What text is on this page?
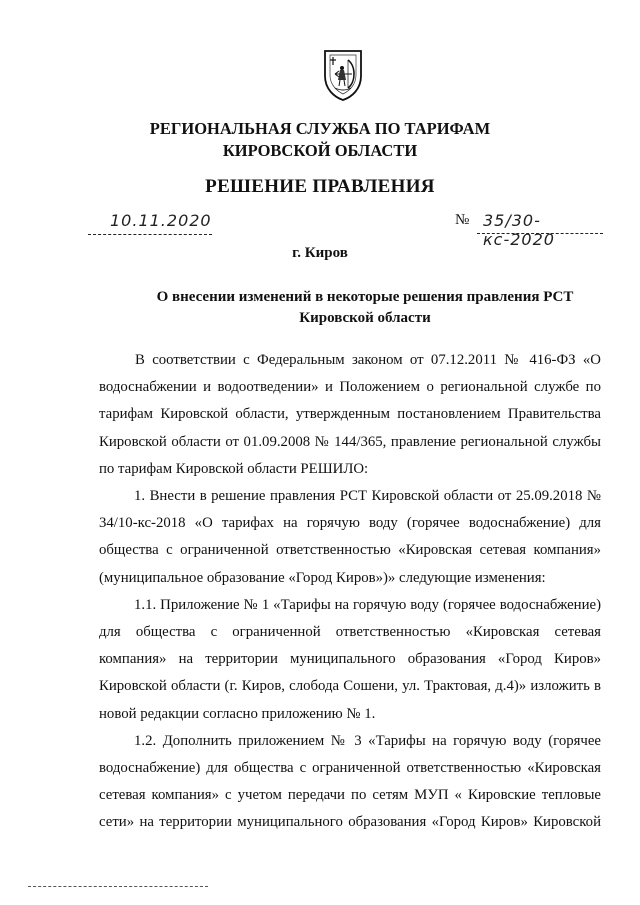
РЕГИОНАЛЬНАЯ СЛУЖБА ПО ТАРИФАМ
КИРОВСКОЙ ОБЛАСТИ
РЕШЕНИЕ ПРАВЛЕНИЯ
10.11.2020	№ 35/30-кс-2020
г. Киров
О внесении изменений в некоторые решения правления РСТ
Кировской области

В соответствии с Федеральным законом от 07.12.2011 № 416-ФЗ «О водоснабжении и водоотведении» и Положением о региональной службе по тарифам Кировской области, утвержденным постановлением Правительства Кировской области от 01.09.2008 № 144/365, правление региональной службы по тарифам Кировской области РЕШИЛО:

1. Внести в решение правления РСТ Кировской области от 25.09.2018 № 34/10-кс-2018 «О тарифах на горячую воду (горячее водоснабжение) для общества с ограниченной ответственностью «Кировская сетевая компания» (муниципальное образование «Город Киров»)» следующие изменения:

1.1. Приложение № 1 «Тарифы на горячую воду (горячее водоснабжение) для общества с ограниченной ответственностью «Кировская сетевая компания» на территории муниципального образования «Город Киров» Кировской области (г. Киров, слобода Сошени, ул. Трактовая, д.4)» изложить в новой редакции согласно приложению № 1.

1.2. Дополнить приложением № 3 «Тарифы на горячую воду (горячее водоснабжение) для общества с ограниченной ответственностью «Кировская сетевая компания» с учетом передачи по сетям МУП « Кировские тепловые сети» на территории муниципального образования «Город Киров» Кировской
